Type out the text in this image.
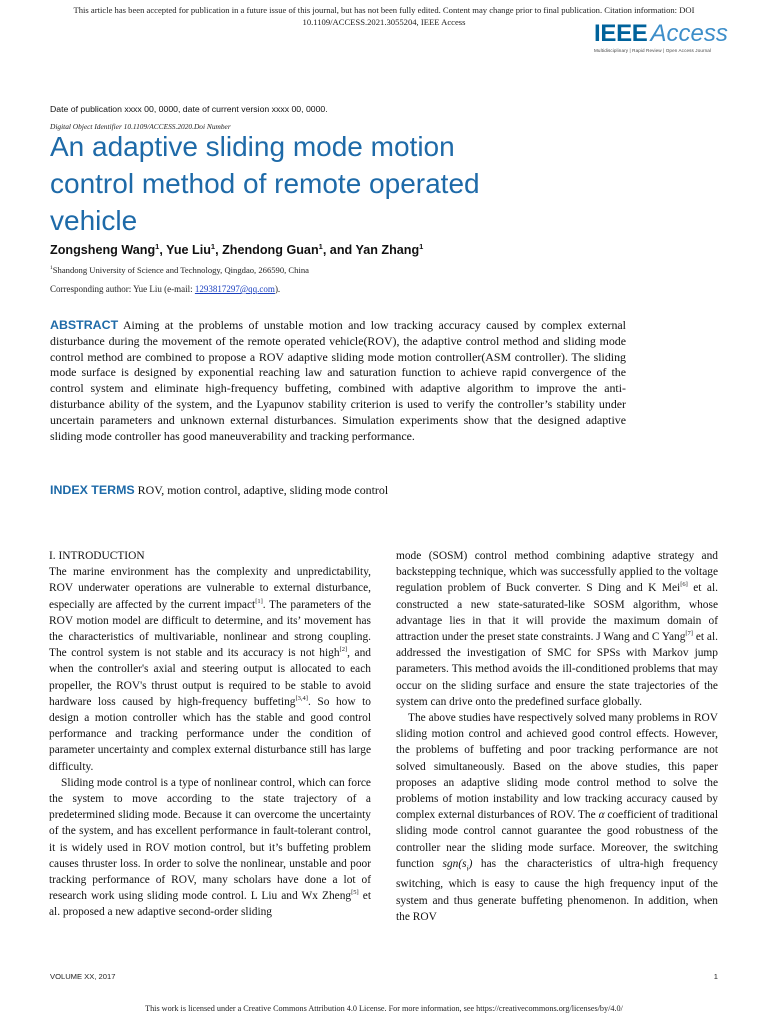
This article has been accepted for publication in a future issue of this journal, but has not been fully edited. Content may change prior to final publication. Citation information: DOI
10.1109/ACCESS.2021.3055204, IEEE Access	IEEE Access
Multidisciplinary | Rapid Review | Open Access Journal
Date of publication xxxx 00, 0000, date of current version xxxx 00, 0000.
Digital Object Identifier 10.1109/ACCESS.2020.Doi Number
An adaptive sliding mode motion
control method of remote operated
vehicle
Zongsheng Wang$^1$, Yue Liu$^1$, Zhendong Guan$^1$, and Yan Zhang$^1$
$^1$Shandong University of Science and Technology, Qingdao, 266590, China
Corresponding author: Yue Liu (e-mail: 1293817297@qq.com).
ABSTRACT Aiming at the problems of unstable motion and low tracking accuracy caused by complex external disturbance during the movement of the remote operated vehicle(ROV), the adaptive control method and sliding mode control method are combined to propose a ROV adaptive sliding mode motion controller(ASM controller). The sliding mode surface is designed by exponential reaching law and saturation function to achieve rapid convergence of the control system and eliminate high-frequency buffeting, combined with adaptive algorithm to improve the anti-disturbance ability of the system, and the Lyapunov stability criterion is used to verify the controller’s stability under uncertain parameters and unknown external disturbances. Simulation experiments show that the designed adaptive sliding mode controller has good maneuverability and tracking performance.
INDEX TERMS ROV, motion control, adaptive, sliding mode control

I. INTRODUCTION

The marine environment has the complexity and unpredictability, ROV underwater operations are vulnerable to external disturbance, especially are affected by the current impact[1]. The parameters of the ROV motion model are difficult to determine, and its’ movement has the characteristics of multivariable, nonlinear and strong coupling. The control system is not stable and its accuracy is not high[2], and when the controller's axial and steering output is allocated to each propeller, the ROV's thrust output is required to be stable to avoid hardware loss caused by high-frequency buffeting[3,4]. So how to design a motion controller which has the stable and good control performance and tracking performance under the condition of parameter uncertainty and complex external disturbance still has large difficulty.

Sliding mode control is a type of nonlinear control, which can force the system to move according to the state trajectory of a predetermined sliding mode. Because it can overcome the uncertainty of the system, and has excellent performance in fault-tolerant control, it is widely used in ROV motion control, but it’s buffeting problem causes thruster loss. In order to solve the nonlinear, unstable and poor tracking performance of ROV, many scholars have done a lot of research work using sliding mode control. L Liu and Wx Zheng[5] et al. proposed a new adaptive second-order sliding

mode (SOSM) control method combining adaptive strategy and backstepping technique, which was successfully applied to the voltage regulation problem of Buck converter. S Ding and K Mei[6] et al. constructed a new state-saturated-like SOSM algorithm, whose advantage lies in that it will provide the maximum domain of attraction under the preset state constraints. J Wang and C Yang[7] et al. addressed the investigation of SMC for SPSs with Markov jump parameters. This method avoids the ill-conditioned problems that may occur on the sliding surface and ensure the state trajectories of the system can drive onto the predefined surface globally.

The above studies have respectively solved many problems in ROV sliding motion control and achieved good control effects. However, the problems of buffeting and poor tracking performance are not solved simultaneously. Based on the above studies, this paper proposes an adaptive sliding mode control method to solve the problems of motion instability and low tracking accuracy caused by complex external disturbances of ROV. The α coefficient of traditional sliding mode control cannot guarantee the good robustness of the controller near the sliding mode surface. Moreover, the switching function $sgn(s_i)$ has the characteristics of ultra-high frequency switching, which is easy to cause the high frequency input of the system and thus generate buffeting phenomenon. In addition, when the ROV

VOLUME XX, 2017	1
This work is licensed under a Creative Commons Attribution 4.0 License. For more information, see https://creativecommons.org/licenses/by/4.0/
